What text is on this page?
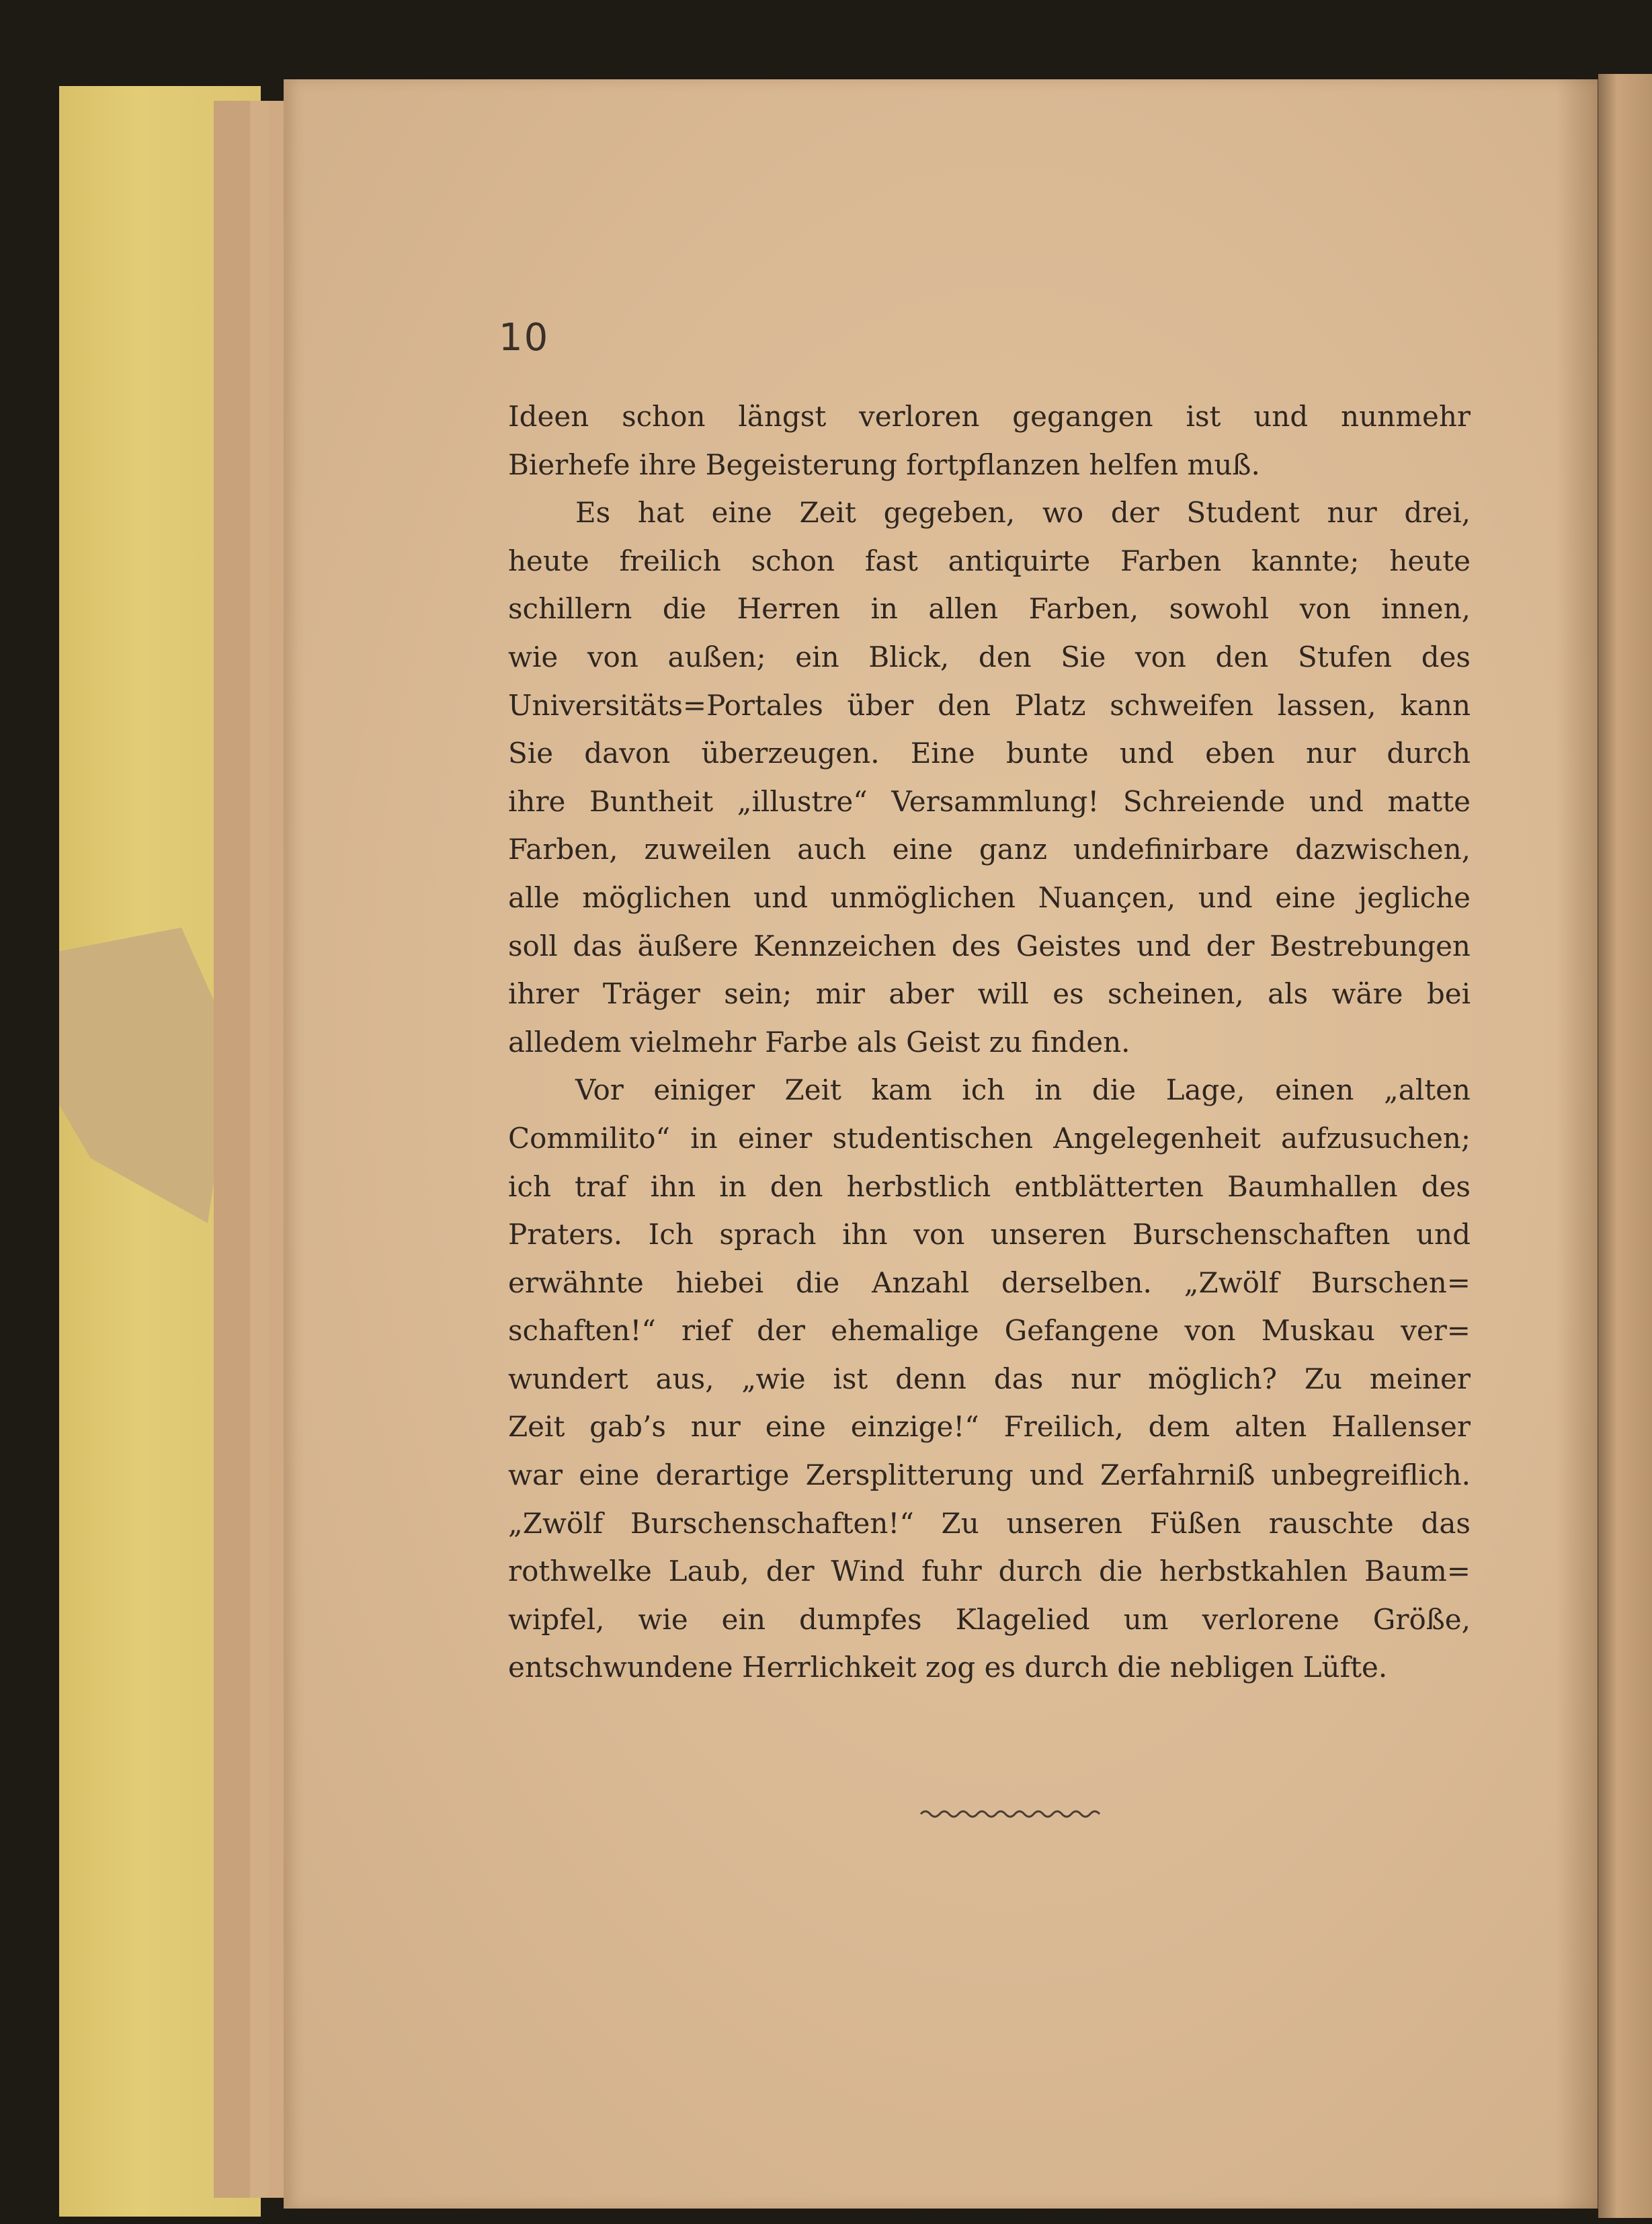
10
Ideen schon längst verloren gegangen ist und nunmehr
Bierhefe ihre Begeisterung fortpflanzen helfen muß.
Es hat eine Zeit gegeben, wo der Student nur drei,
heute freilich schon fast antiquirte Farben kannte; heute
schillern die Herren in allen Farben, sowohl von innen,
wie von außen; ein Blick, den Sie von den Stufen des
Universitäts=Portales über den Platz schweifen lassen, kann
Sie davon überzeugen. Eine bunte und eben nur durch
ihre Buntheit „illustre“ Versammlung! Schreiende und matte
Farben, zuweilen auch eine ganz undefinirbare dazwischen,
alle möglichen und unmöglichen Nuançen, und eine jegliche
soll das äußere Kennzeichen des Geistes und der Bestrebungen
ihrer Träger sein; mir aber will es scheinen, als wäre bei
alledem vielmehr Farbe als Geist zu finden.
Vor einiger Zeit kam ich in die Lage, einen „alten
Commilito“ in einer studentischen Angelegenheit aufzusuchen;
ich traf ihn in den herbstlich entblätterten Baumhallen des
Praters. Ich sprach ihn von unseren Burschenschaften und
erwähnte hiebei die Anzahl derselben. „Zwölf Burschen=
schaften!“ rief der ehemalige Gefangene von Muskau ver=
wundert aus, „wie ist denn das nur möglich? Zu meiner
Zeit gab’s nur eine einzige!“ Freilich, dem alten Hallenser
war eine derartige Zersplitterung und Zerfahrniß unbegreiflich.
„Zwölf Burschenschaften!“ Zu unseren Füßen rauschte das
rothwelke Laub, der Wind fuhr durch die herbstkahlen Baum=
wipfel, wie ein dumpfes Klagelied um verlorene Größe,
entschwundene Herrlichkeit zog es durch die nebligen Lüfte.
